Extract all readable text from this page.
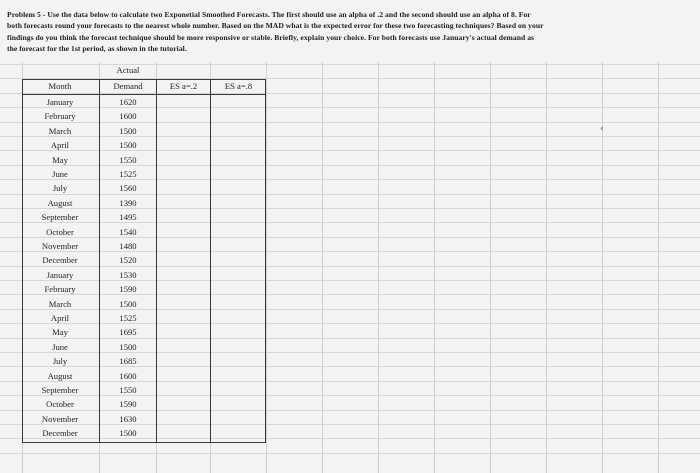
Problem 5 - Use the data below to calculate two Exponetial Smoothed Forecasts. The first should use an alpha of .2 and the second should use an alpha of 8. For
both forecasts round your forecasts to the nearest whole number. Based on the MAD what is the expected error for these two forecasting techniques? Based on your
findings do you think the forecast technique should be more responsive or stable. Briefly, explain your choice. For both forecasts use January's actual demand as
the forecast for the 1st period, as shown in the tutorial.
Actual
Month	Demand	ES a=.2	ES a=.8
January	1620
February	1600
March	1500
April	1500
May	1550
June	1525
July	1560
August	1390
September	1495
October	1540
November	1480
December	1520
January	1530
February	1590
March	1500
April	1525
May	1695
June	1500
July	1685
August	1600
September	1550
October	1590
November	1630
December	1500
‹
